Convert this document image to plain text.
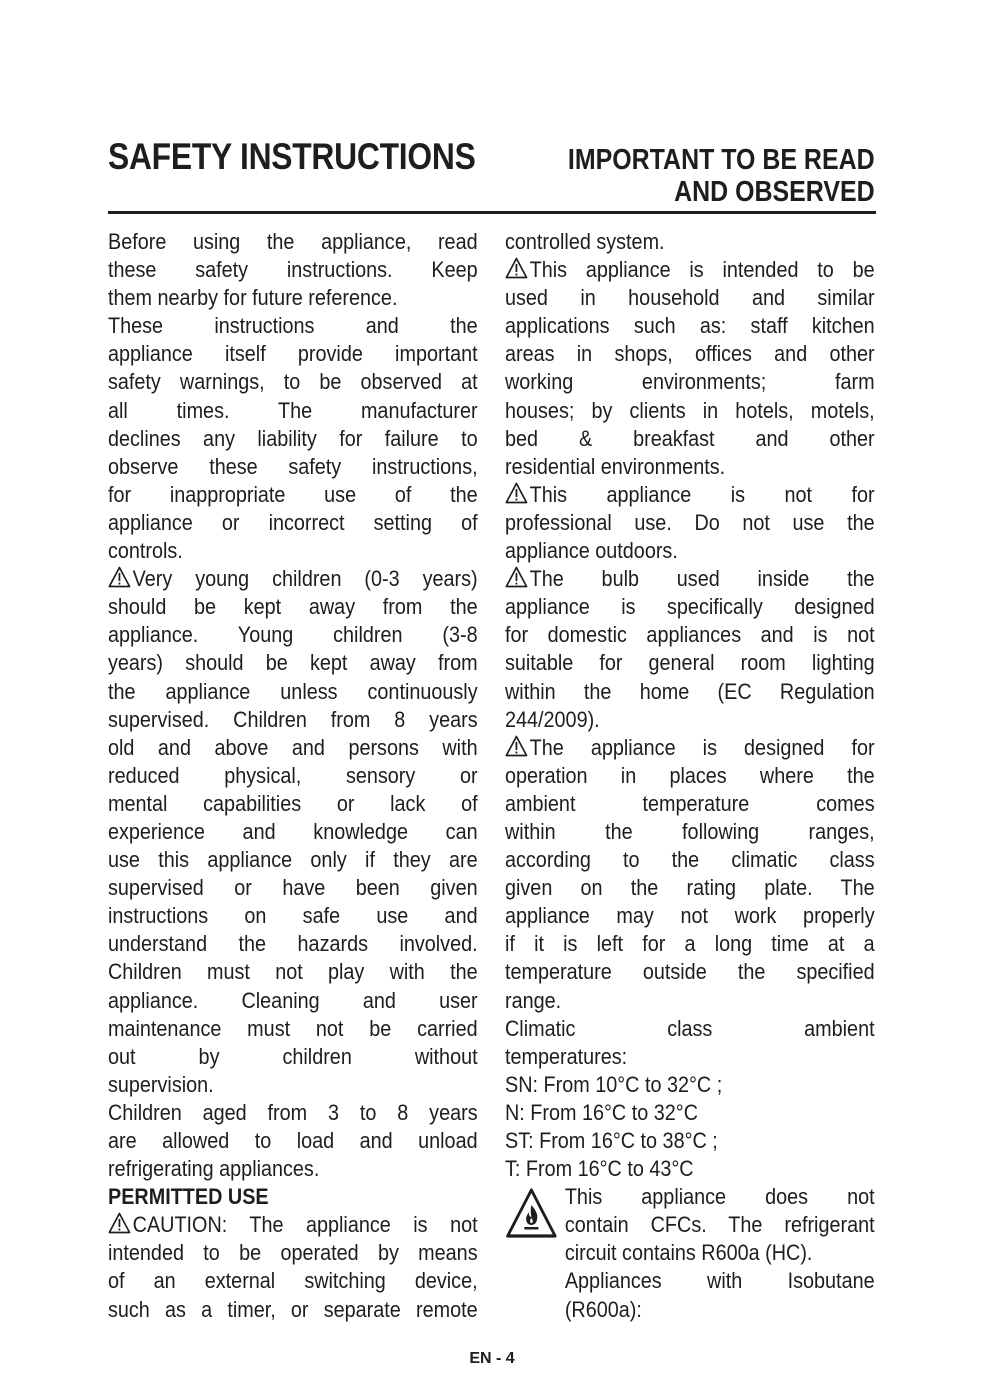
SAFETY INSTRUCTIONS	IMPORTANT TO BE READ
AND OBSERVED
Before using the appliance, read
these safety instructions. Keep
them nearby for future reference.
These instructions and the
appliance itself provide important
safety warnings, to be observed at
all times. The manufacturer
declines any liability for failure to
observe these safety instructions,
for inappropriate use of the
appliance or incorrect setting of
controls.
Very young children (0-3 years)
should be kept away from the
appliance. Young children (3-8
years) should be kept away from
the appliance unless continuously
supervised. Children from 8 years
old and above and persons with
reduced physical, sensory or
mental capabilities or lack of
experience and knowledge can
use this appliance only if they are
supervised or have been given
instructions on safe use and
understand the hazards involved.
Children must not play with the
appliance. Cleaning and user
maintenance must not be carried
out by children without
supervision.
Children aged from 3 to 8 years
are allowed to load and unload
refrigerating appliances.
PERMITTED USE
CAUTION: The appliance is not
intended to be operated by means
of an external switching device,
such as a timer, or separate remote
controlled system.
This appliance is intended to be
used in household and similar
applications such as: staff kitchen
areas in shops, offices and other
working environments; farm
houses; by clients in hotels, motels,
bed & breakfast and other
residential environments.
This appliance is not for
professional use. Do not use the
appliance outdoors.
The bulb used inside the
appliance is specifically designed
for domestic appliances and is not
suitable for general room lighting
within the home (EC Regulation
244/2009).
The appliance is designed for
operation in places where the
ambient temperature comes
within the following ranges,
according to the climatic class
given on the rating plate. The
appliance may not work properly
if it is left for a long time at a
temperature outside the specified
range.
Climatic class ambient
temperatures:
SN: From 10°C to 32°C ;
N: From 16°C to 32°C
ST: From 16°C to 38°C ;
T: From 16°C to 43°C
This appliance does not
contain CFCs. The refrigerant
circuit contains R600a (HC).
Appliances with Isobutane
(R600a):
EN - 4
